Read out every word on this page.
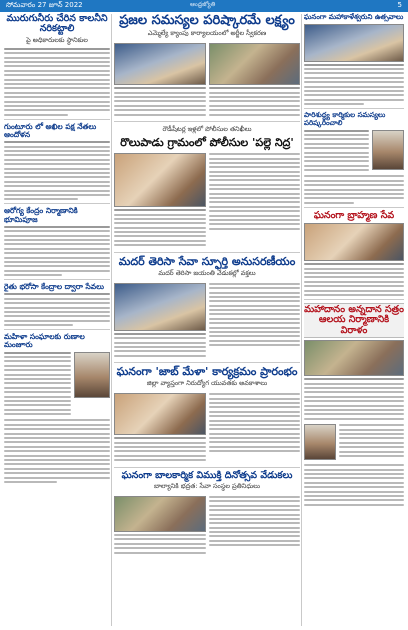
సోమవారం 27 జూన్ 2022	ఆంధ్రజ్యోతి	5
మురుగునీరు చేరిన కాలనీని నరికట్టాలి
పై అధికారులకు స్థానికుల
గుంటూరు లో అఖిల పక్ష నేతలు ఆందోళన
ఆరోగ్య కేంద్రం నిర్మాణానికి భూమిపూజ
రైతు భరోసా కేంద్రాల ద్వారా సేవలు
మహిళా సంఘాలకు రుణాల మంజూరు
ప్రజల సమస్యల పరిష్కారమే లక్ష్యం
ఎమ్మెల్యే క్యాంపు కార్యాలయంలో అర్జీల స్వీకరణ
రౌడీషీటర్ల ఇళ్లలో పోలీసుల తనిఖీలు
రొలుపాడు గ్రామంలో పోలీసుల 'పల్లె నిద్ర'
మదర్ తెరిసా సేవా స్ఫూర్తి అనుసరణీయం
మదర్ తెరిసా జయంతి వేడుకల్లో వక్తలు
ఘనంగా 'జాబ్ మేళా' కార్యక్రమం ప్రారంభం
జిల్లా వ్యాప్తంగా నిరుద్యోగ యువతకు అవకాశాలు
ఘనంగా బాలకార్మిక విముక్తి దినోత్సవ వేడుకలు
బాల్యానికి భద్రత: సేవా సంస్థల ప్రతినిధులు
ఘనంగా మహాకాళేశ్వరుని ఉత్సవాలు
పారిశుద్ధ్య కార్మికుల సమస్యలు పరిష్కరించాలి
ఘనంగా బ్రాహ్మణ సేవ
మహాదానం అన్నదాన సత్రం
ఆలయ నిర్మాణానికి విరాళం
